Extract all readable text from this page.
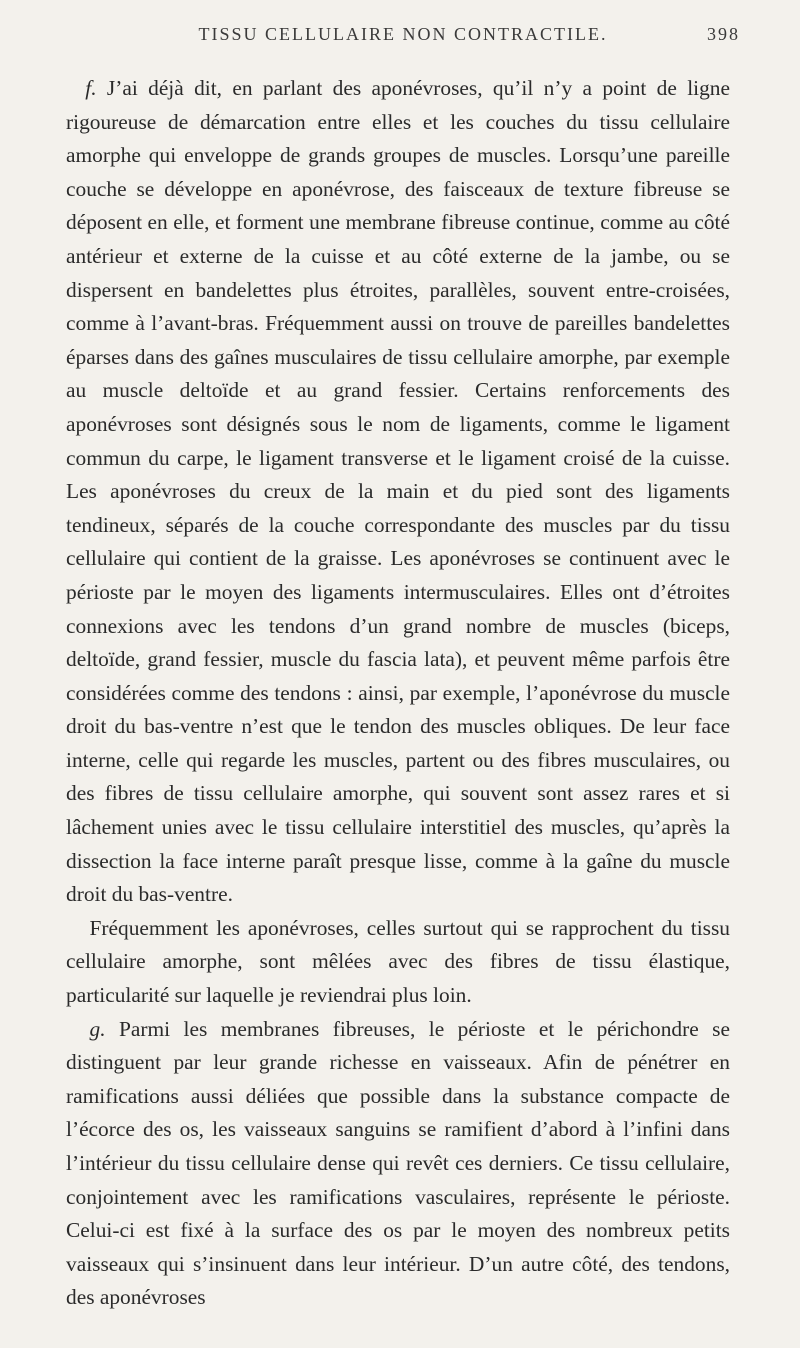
TISSU CELLULAIRE NON CONTRACTILE.	398

f. J’ai déjà dit, en parlant des aponévroses, qu’il n’y a point de ligne rigoureuse de démarcation entre elles et les couches du tissu cellulaire amorphe qui enveloppe de grands groupes de muscles. Lorsqu’une pareille couche se développe en aponévrose, des faisceaux de texture fibreuse se déposent en elle, et forment une membrane fibreuse continue, comme au côté antérieur et externe de la cuisse et au côté externe de la jambe, ou se dispersent en bandelettes plus étroites, parallèles, souvent entre-croisées, comme à l’avant-bras. Fréquemment aussi on trouve de pareilles bandelettes éparses dans des gaînes musculaires de tissu cellulaire amorphe, par exemple au muscle deltoïde et au grand fessier. Certains renforcements des aponévroses sont désignés sous le nom de ligaments, comme le ligament commun du carpe, le ligament transverse et le ligament croisé de la cuisse. Les aponévroses du creux de la main et du pied sont des ligaments tendineux, séparés de la couche correspondante des muscles par du tissu cellulaire qui contient de la graisse. Les aponévroses se continuent avec le périoste par le moyen des ligaments intermusculaires. Elles ont d’étroites connexions avec les tendons d’un grand nombre de muscles (biceps, deltoïde, grand fessier, muscle du fascia lata), et peuvent même parfois être considérées comme des tendons : ainsi, par exemple, l’aponévrose du muscle droit du bas-ventre n’est que le tendon des muscles obliques. De leur face interne, celle qui regarde les muscles, partent ou des fibres musculaires, ou des fibres de tissu cellulaire amorphe, qui souvent sont assez rares et si lâchement unies avec le tissu cellulaire interstitiel des muscles, qu’après la dissection la face interne paraît presque lisse, comme à la gaîne du muscle droit du bas-ventre.

Fréquemment les aponévroses, celles surtout qui se rapprochent du tissu cellulaire amorphe, sont mêlées avec des fibres de tissu élastique, particularité sur laquelle je reviendrai plus loin.

g. Parmi les membranes fibreuses, le périoste et le périchondre se distinguent par leur grande richesse en vaisseaux. Afin de pénétrer en ramifications aussi déliées que possible dans la substance compacte de l’écorce des os, les vaisseaux sanguins se ramifient d’abord à l’infini dans l’intérieur du tissu cellulaire dense qui revêt ces derniers. Ce tissu cellulaire, conjointement avec les ramifications vasculaires, représente le périoste. Celui-ci est fixé à la surface des os par le moyen des nombreux petits vaisseaux qui s’insinuent dans leur intérieur. D’un autre côté, des tendons, des aponévroses
